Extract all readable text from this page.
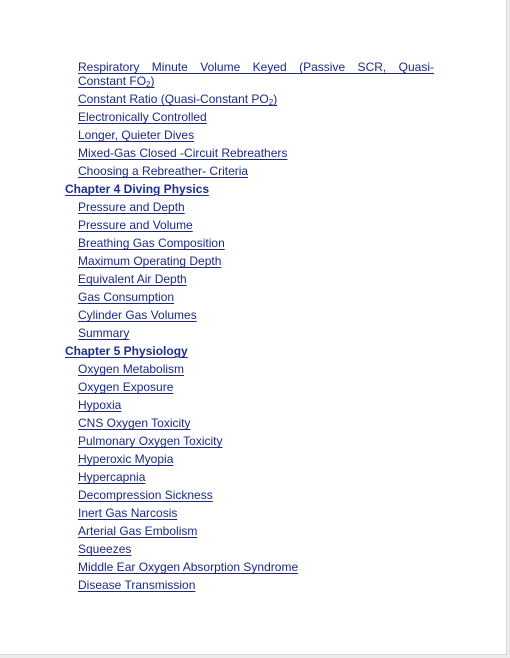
Respiratory Minute Volume Keyed (Passive SCR, Quasi-
Constant $FO_2$)
Constant Ratio (Quasi-Constant $PO_2$)
Electronically Controlled
Longer, Quieter Dives
Mixed-Gas Closed -Circuit Rebreathers
Choosing a Rebreather- Criteria
Chapter 4 Diving Physics
Pressure and Depth
Pressure and Volume
Breathing Gas Composition
Maximum Operating Depth
Equivalent Air Depth
Gas Consumption
Cylinder Gas Volumes
Summary
Chapter 5 Physiology
Oxygen Metabolism
Oxygen Exposure
Hypoxia
CNS Oxygen Toxicity
Pulmonary Oxygen Toxicity
Hyperoxic Myopia
Hypercapnia
Decompression Sickness
Inert Gas Narcosis
Arterial Gas Embolism
Squeezes
Middle Ear Oxygen Absorption Syndrome
Disease Transmission
